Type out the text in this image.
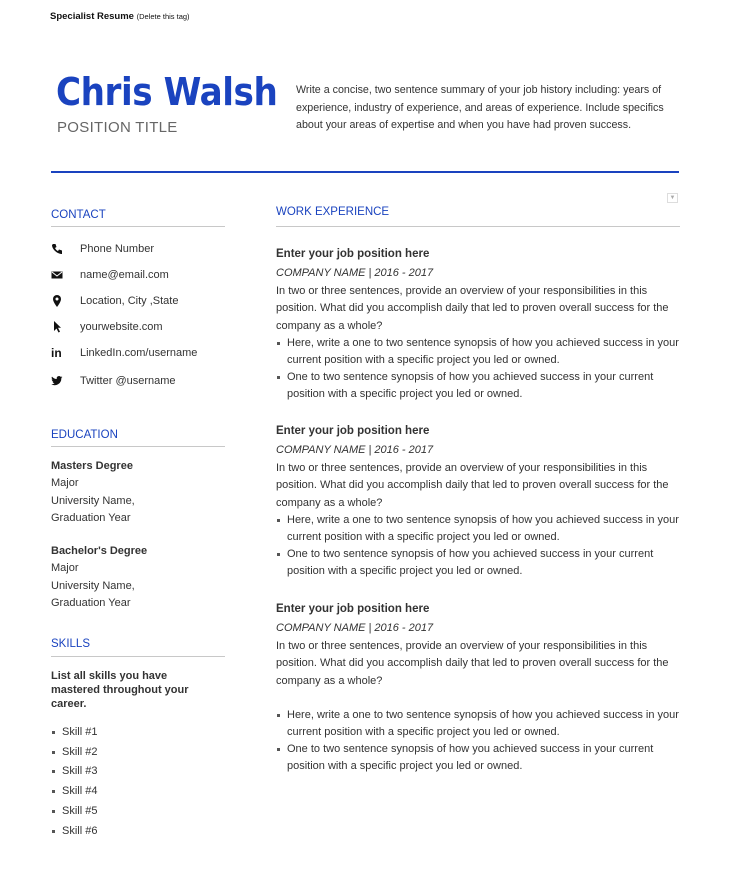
Specialist Resume (Delete this tag)
Chris Walsh
POSITION TITLE
Write a concise, two sentence summary of your job history including: years of experience, industry of experience, and areas of experience. Include specifics about your areas of expertise and when you have had proven success.
CONTACT
Phone Number
name@email.com
Location, City ,State
yourwebsite.com
in	LinkedIn.com/username
Twitter @username
EDUCATION
Masters Degree
Major
University Name,
Graduation Year
Bachelor's Degree
Major
University Name,
Graduation Year
SKILLS
List all skills you have mastered throughout your career.
Skill #1
Skill #2
Skill #3
Skill #4
Skill #5
Skill #6
▼
WORK EXPERIENCE
Enter your job position here
COMPANY NAME | 2016 - 2017
In two or three sentences, provide an overview of your responsibilities in this position. What did you accomplish daily that led to proven overall success for the company as a whole?
Here, write a one to two sentence synopsis of how you achieved success in your current position with a specific project you led or owned.
One to two sentence synopsis of how you achieved success in your current position with a specific project you led or owned.
Enter your job position here
COMPANY NAME | 2016 - 2017
In two or three sentences, provide an overview of your responsibilities in this position. What did you accomplish daily that led to proven overall success for the company as a whole?
Here, write a one to two sentence synopsis of how you achieved success in your current position with a specific project you led or owned.
One to two sentence synopsis of how you achieved success in your current position with a specific project you led or owned.
Enter your job position here
COMPANY NAME | 2016 - 2017
In two or three sentences, provide an overview of your responsibilities in this position. What did you accomplish daily that led to proven overall success for the company as a whole?
Here, write a one to two sentence synopsis of how you achieved success in your current position with a specific project you led or owned.
One to two sentence synopsis of how you achieved success in your current position with a specific project you led or owned.
